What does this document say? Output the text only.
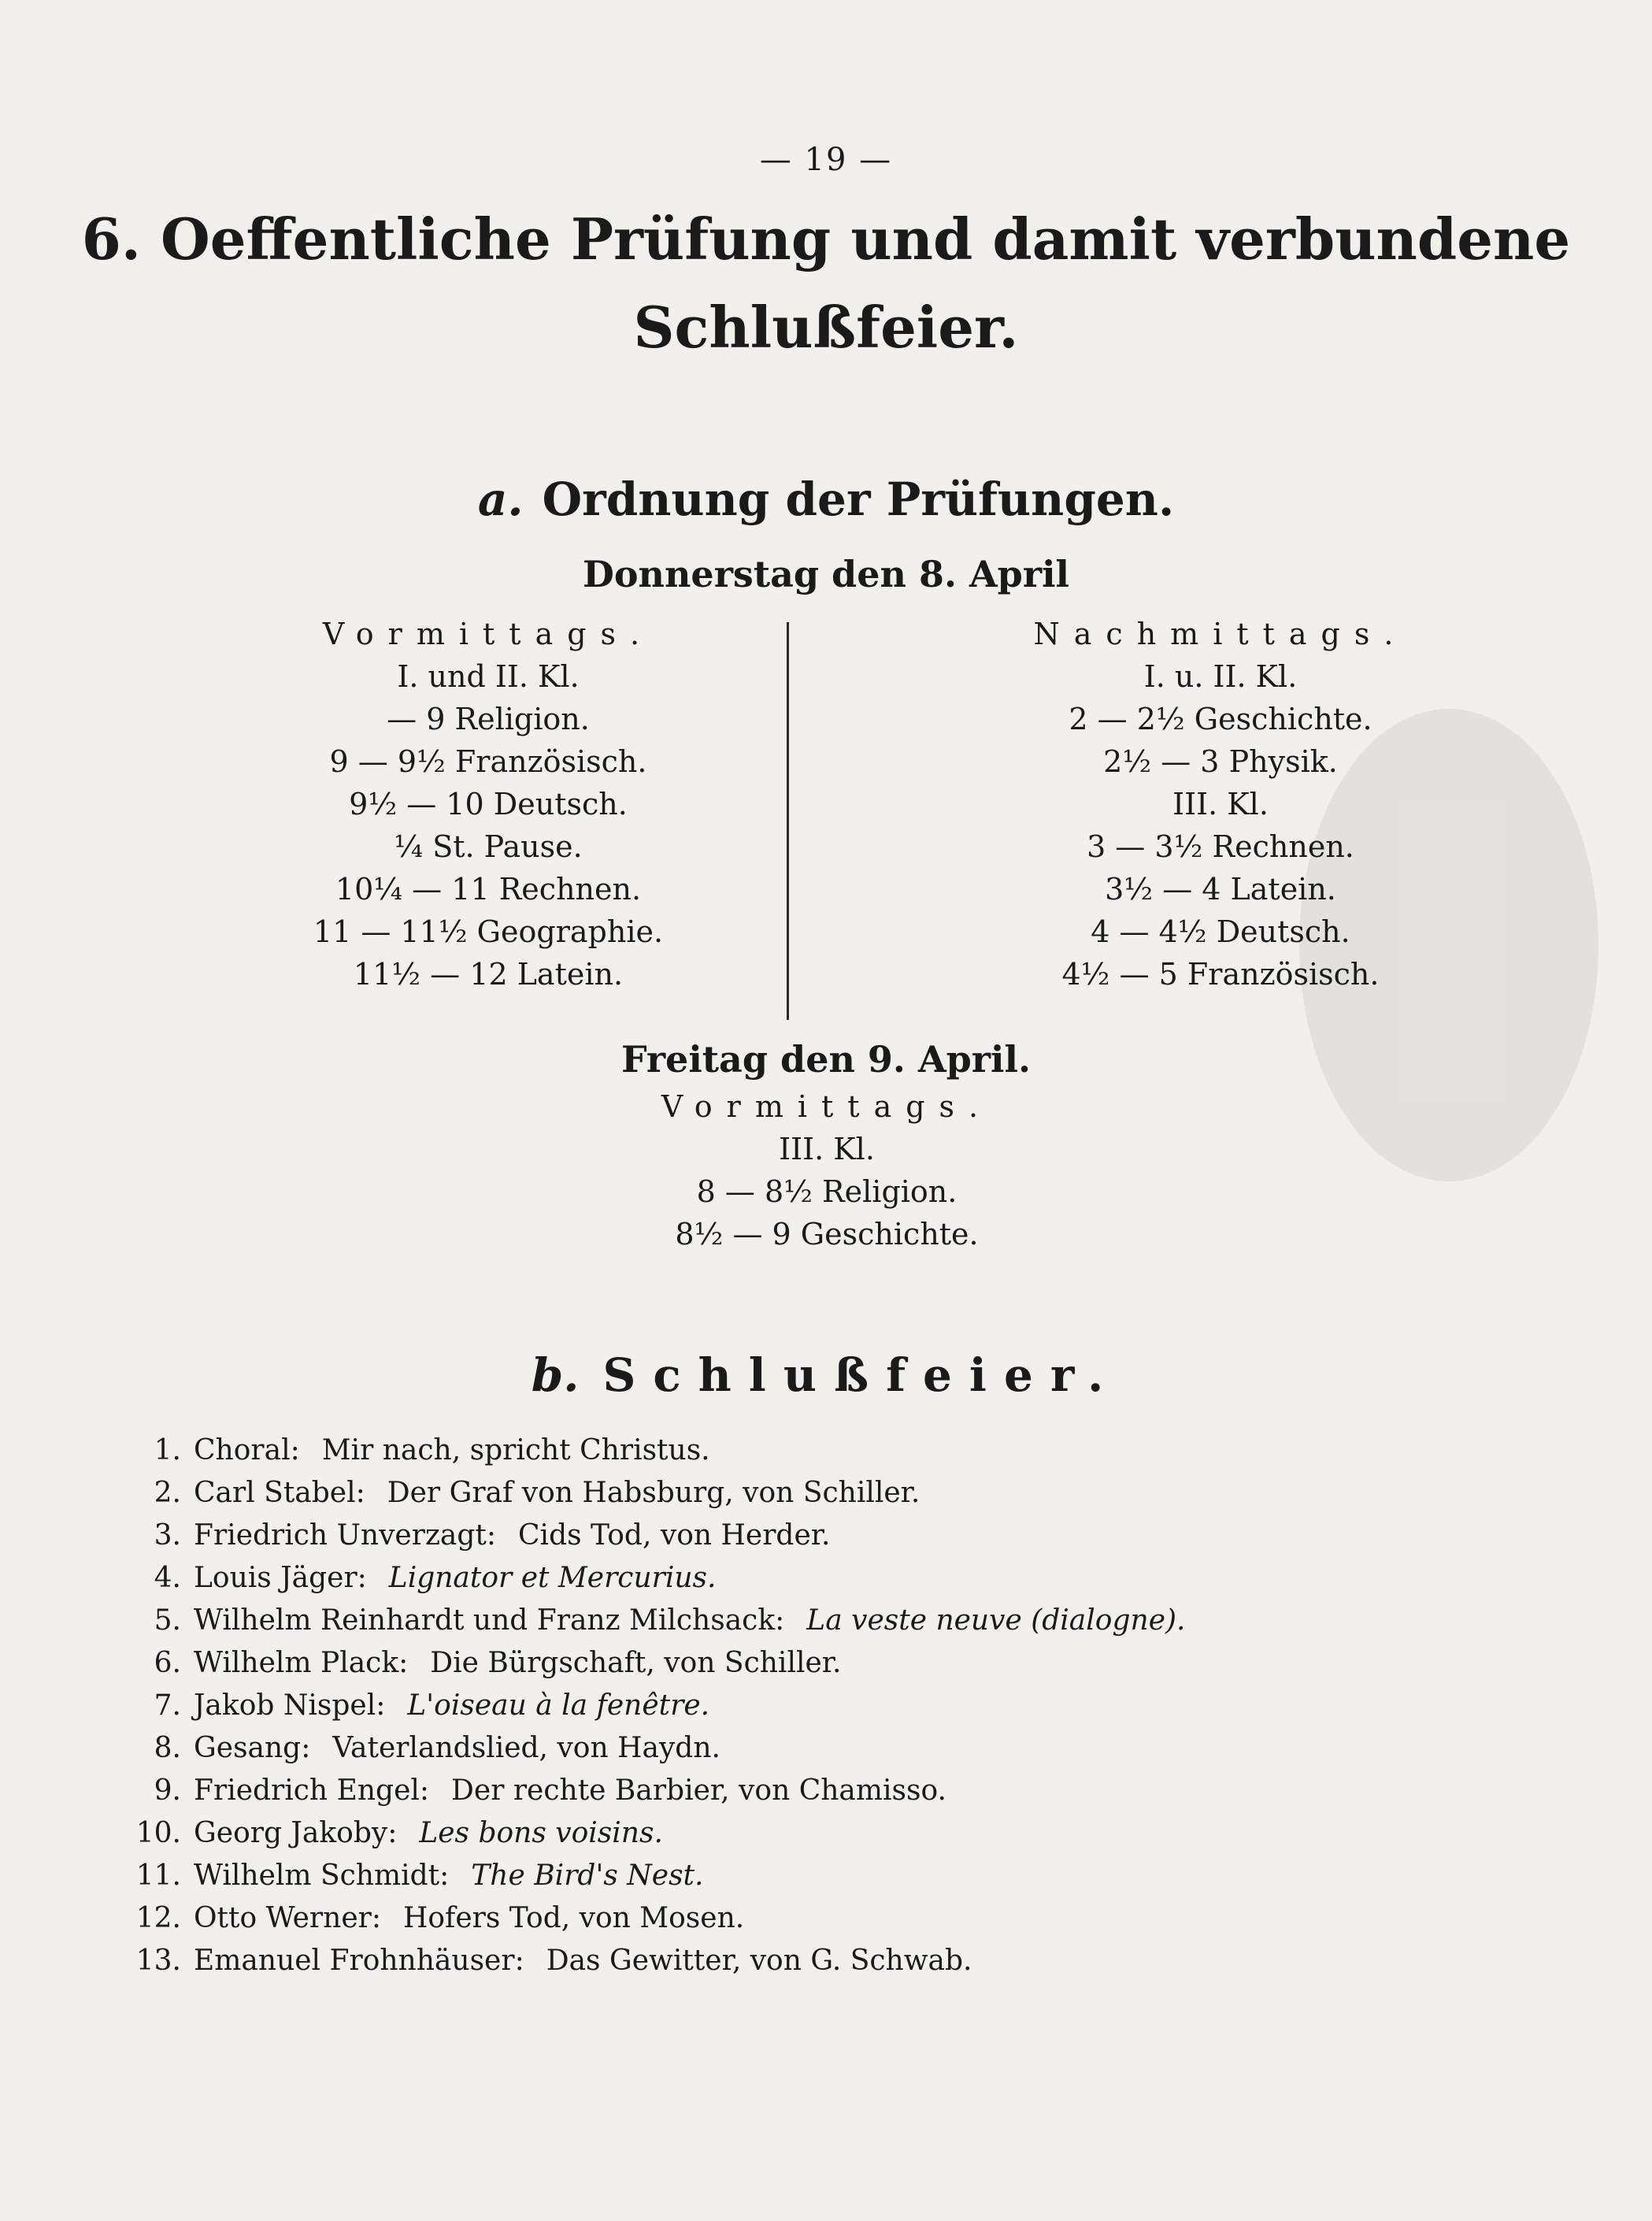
— 19 —
6. Oeffentliche Prüfung und damit verbundene
Schlußfeier.
a. Ordnung der Prüfungen.
Donnerstag den 8. April
Vormittags.
I. und II. Kl.
— 9 Religion.
9 — 9½ Französisch.
9½ — 10 Deutsch.
¼ St. Pause.
10¼ — 11 Rechnen.
11 — 11½ Geographie.
11½ — 12 Latein.
Nachmittags.
I. u. II. Kl.
2 — 2½ Geschichte.
2½ — 3 Physik.
III. Kl.
3 — 3½ Rechnen.
3½ — 4 Latein.
4 — 4½ Deutsch.
4½ — 5 Französisch.
Freitag den 9. April.
Vormittags.
III. Kl.
8 — 8½ Religion.
8½ — 9 Geschichte.
b. Schlußfeier.
1. Choral: Mir nach, spricht Christus.
2. Carl Stabel: Der Graf von Habsburg, von Schiller.
3. Friedrich Unverzagt: Cids Tod, von Herder.
4. Louis Jäger: Lignator et Mercurius.
5. Wilhelm Reinhardt und Franz Milchsack: La veste neuve (dialogne).
6. Wilhelm Plack: Die Bürgschaft, von Schiller.
7. Jakob Nispel: L'oiseau à la fenêtre.
8. Gesang: Vaterlandslied, von Haydn.
9. Friedrich Engel: Der rechte Barbier, von Chamisso.
10. Georg Jakoby: Les bons voisins.
11. Wilhelm Schmidt: The Bird's Nest.
12. Otto Werner: Hofers Tod, von Mosen.
13. Emanuel Frohnhäuser: Das Gewitter, von G. Schwab.
